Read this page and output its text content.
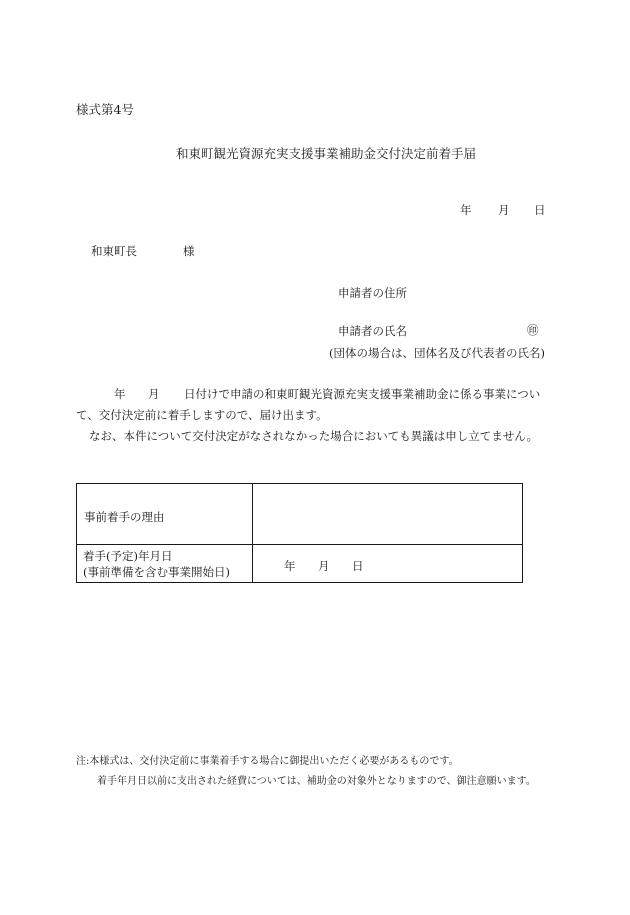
様式第4号
和東町観光資源充実支援事業補助金交付決定前着手届
年 月 日
和東町長	様
申請者の住所
申請者の氏名	㊞
(団体の場合は、団体名及び代表者の氏名)
年 月 日付けで申請の和東町観光資源充実支援事業補助金に係る事業につい
て、交付決定前に着手しますので、届け出ます。
なお、本件について交付決定がなされなかった場合においても異議は申し立てません。
事前着手の理由
着手(予定)年月日
(事前準備を含む事業開始日)	年 月 日
注:本様式は、交付決定前に事業着手する場合に御提出いただく必要があるものです。
着手年月日以前に支出された経費については、補助金の対象外となりますので、御注意願います。
